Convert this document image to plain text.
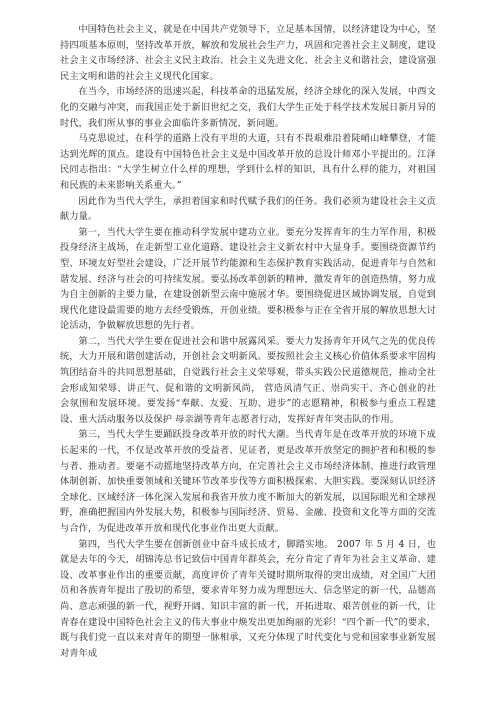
中国特色社会主义，就是在中国共产党领导下，立足基本国情，以经济建设为中心，坚持四项基本原则，坚持改革开放，解放和发展社会生产力，巩固和完善社会主义制度，建设社会主义市场经济、社会主义民主政治、社会主义先进文化、社会主义和谐社会，建设富强民主文明和谐的社会主义现代化国家。

在当今，市场经济的迅速兴起，科技革命的迅猛发展，经济全球化的深入发展，中西文化的交融与冲突，而我国正处于新旧世纪之交，我们大学生正处于科学技术发展日新月异的时代，我们所从事的事业会面临许多新情况、新问题。

马克思说过，在科学的道路上没有平坦的大道，只有不畏艰难沿着陡峭山峰攀登，才能达到光辉的顶点。建设有中国特色社会主义是中国改革开放的总设计师邓小平提出的。江泽民同志指出：“大学生树立什么样的理想，学到什么样的知识，具有什么样的能力，对祖国和民族的未来影响关系重大。”

因此作为当代大学生，承担着国家和时代赋予我们的任务。我们必须为建设社会主义贡献力量。

第一，当代大学生要在推动科学发展中建功立业。要充分发挥青年的生力军作用，积极投身经济主战场，在走新型工业化道路、建设社会主义新农村中大显身手。要围绕资源节约型、环境友好型社会建设，广泛开展节约能源和生态保护教育实践活动，促进青年与自然和谐发展、经济与社会的可持续发展。要弘扬改革创新的精神，激发青年的创造热情，努力成为自主创新的主要力量，在建设创新型云南中施展才华。要围绕促进区域协调发展，自觉到现代化建设最需要的地方去经受锻炼，开创业绩。要积极参与正在全省开展的解放思想大讨论活动，争做解放思想的先行者。

第二，当代大学生要在促进社会和谐中展露风采。要大力发扬青年开风气之先的优良传统，大力开展和谐创建活动，开创社会文明新风。要按照社会主义核心价值体系要求牢固构筑团结奋斗的共同思想基础，自觉践行社会主义荣辱观，带头实践公民道德规范，推动全社会形成知荣辱、讲正气、促和谐的文明新风尚， 营造风清气正、崇尚实干、齐心创业的社会氛围和发展环境。要发扬“奉献、友爱、互助、进步”的志愿精神，积极参与重点工程建设、重大活动服务以及保护 母亲湖等青年志愿者行动，发挥好青年突击队的作用。

第三，当代大学生要踊跃投身改革开放的时代大潮。当代青年是在改革开放的环境下成长起来的一代，不仅是改革开放的受益者、见证者，更是改革开放坚定的拥护者和积极的参与者、推动者。要毫不动摇地坚持改革方向，在完善社会主义市场经济体制、推进行政管理体制创新、加快重要领域和关键环节改革步伐等方面积极探索、大胆实践。要深刻认识经济全球化、区域经济一体化深入发展和我省开放力度不断加大的新发展，以国际眼光和全球视野，准确把握国内外发展大势，积极参与国际经济、贸易、金融、投资和文化等方面的交流与合作，为促进改革开放和现代化事业作出更大贡献。

第四，当代大学生要在创新创业中奋斗成长成才，脚踏实地。 2007 年 5 月 4 日，也就是去年的今天，胡锦涛总书记致信中国青年群英会，充分肯定了青年为社会主义革命、建设、改革事业作出的重要贡献，高度评价了青年关键时期所取得的突出成绩，对全国广大团员和各族青年提出了殷切的希望，要求青年努力成为理想远大、信念坚定的新一代，品德高尚、意志顽强的新一代，视野开阔、知识丰富的新一代，开拓进取、艰苦创业的新一代，让青春在建设中国特色社会主义的伟大事业中焕发出更加绚丽的光彩！“四个新一代”的要求，既与我们党一直以来对青年的期望一脉相承，又充分体现了时代变化与党和国家事业新发展对青年成
